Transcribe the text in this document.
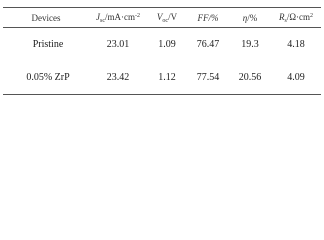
Devices	$J_{sc}/mA\cdot cm^{-2}$	$V_{oc}/V$	FF/%	η/%	$R_s/\Omega\cdot cm^2$
Pristine	23.01	1.09	76.47	19.3	4.18
0.05% ZrP	23.42	1.12	77.54	20.56	4.09
